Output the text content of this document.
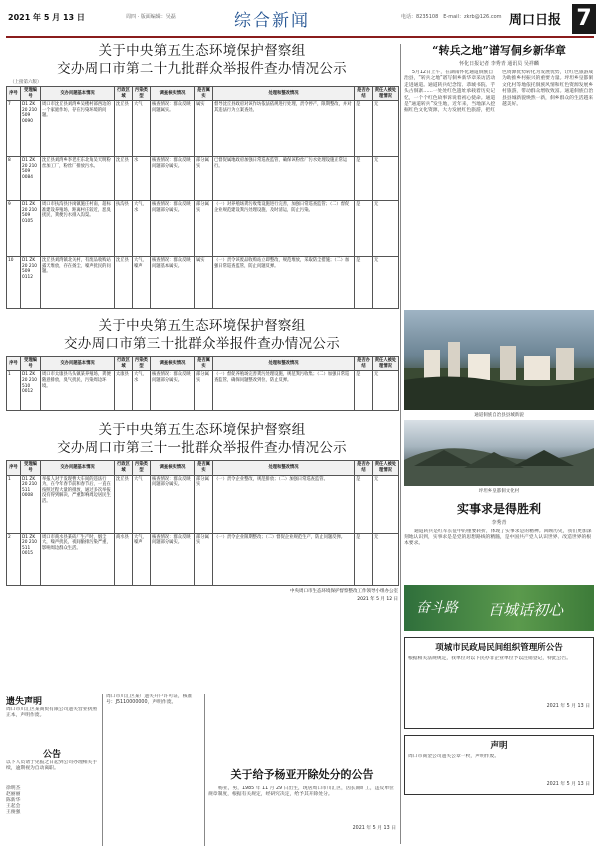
2021 年 5 月 13 日	周四 · 版面编辑：吴磊	综合新闻	电话：8235108　E-mail：zkrb@126.com 周口日报 7
关于中央第五生态环境保护督察组
交办周口市第二十九批群众举报件查办情况公示
（上接第六版）
序号	受理编号	交办问题基本情况	行政区域	污染类型	调查核实情况	是否属实	处理和整改情况	是否办结	责任人被处理情况
7	D1 ZK 20 210 509 0090	周口市沈丘县刘湾乡吴楼村部西边的一个家庭作坊，存在污染环境的问题。	沈丘县	大气	核查情况：群众反映问题属实。	属实	督导沈丘县政府对该作坊依法依规进行处理，责令停产，限期整改，并对其违法行为立案查处。	是	无
8	D1 ZK 20 210 509 0084	沈丘县刘湾乡李老庄东北角吴天明粉丝加工厂，粉丝厂排放污水。	沈丘县	水	核查情况：群众反映问题部分属实。	部分属实	已督促属地政府加强日常巡查监管，确保该粉丝厂污水处理设施正常运行。	是	无
9	D1 ZK 20 210 509 0105	周口市扶沟县汴岗镇施庄村南，超标准建设养殖场，距离村庄较近，恶臭扰民，粪便污水排入沟渠。	扶沟县	大气、水	核查情况：群众反映问题部分属实。	部分属实	（一）对养殖场粪污收集设施进行完善，加强日常巡查监管；（二）督促企业规范建设粪污处理设施，及时清运，防止污染。	是	无
10	D1 ZK 20 210 509 0112	沈丘县刘湾镇北关村，有废品收购站露天堆放，存在扬尘、噪声扰民的问题。	沈丘县	大气、噪声	核查情况：群众反映问题基本属实。	属实	（一）责令该废品收购站立即整改，规范堆放，采取防尘措施；（二）加强日常巡查监管，防止问题反弹。	是	无
关于中央第五生态环境保护督察组
交办周口市第三十批群众举报件查办情况公示
序号	受理编号	交办问题基本情况	行政区域	污染类型	调查核实情况	是否属实	处理和整改情况	是否办结	责任人被处理情况
1	D1 ZK 20 210 510 0012	周口市太康县马头镇某养殖场，粪便随意排放，臭气扰民，污染周边环境。	太康县	大气、水	核查情况：群众反映问题部分属实。	部分属实	（一）督促养殖场完善粪污处理设施，规范粪污收集；（二）加强日常巡查监管，确保问题整改到位，防止反弹。	是	无
关于中央第五生态环境保护督察组
交办周口市第三十一批群众举报件查办情况公示
序号	受理编号	交办问题基本情况	行政区域	污染类型	调查核实情况	是否属实	处理和整改情况	是否办结	责任人被处理情况
1	D1 ZK 20 210 511 0008	举报人对于发现曹大车间的违法行为，在今年春节前和春节后，一直在按照过程大量的排放，通过多次举报没有得到解决，严重影响周边居民生活。	沈丘县	大气	核查情况：群众反映问题部分属实。	部分属实	（一）责令企业整改，规范排放；（二）加强日常巡查监管。	是	无
2	D1 ZK 20 210 511 0015	周口市商水县某砖厂生产时，烟尘大，噪声扰民，夜间偷排污染严重，影响周边群众生活。	商水县	大气、噪声	核查情况：群众反映问题部分属实。	部分属实	（一）责令企业限期整改；（二）督促企业规范生产，防止问题反弹。	是	无
中央周口市生态环境保护督察整改工作领导小组办公室
2021 年 5 月 12 日
“转兵之地”谱写侗乡新华章
怀化日报记者 李秀青 通讯员 吴祥麟
5月12日上午，在湖南怀化通道侗族自治县，“转兵之地”谱写侗乡新华章采访活动走进通道。通道转兵纪念馆、恭城书院、芋头古侗寨……一处处红色遗址承载着历史记忆，一个个红色故事诉说着初心使命。通道是“通道转兵”发生地，近年来，当地深入挖掘红色文化资源，大力发展红色旅游，把红色资源优势转化为发展优势，让红色旅游成为助推乡村振兴的重要力量。坪坦乡皇都侗文化村等地依托侗族风情和红色资源发展乡村旅游，带动群众增收致富。通道侗族自治县县城新貌焕然一新，侗乡群众的生活越来越美好。
通道侗族自治县县城新貌
坪坦乡皇都侗文化村
实事求是得胜利
李秀青
通道转兵是红军长征中的重要转折，体现了实事求是的精神。回顾历史，我们更加深刻地认识到，实事求是是党的思想路线的精髓，是中国共产党人认识世界、改造世界的根本要求。
奋斗路 百城话初心
项城市民政局民间组织管理所公告
根据相关法规规定，我单位对以下民办非企业单位予以注销登记，特此公告。
2021 年 5 月 13 日
声明
周口市商金公司遗失公章一枚，声明作废。
2021 年 5 月 13 日
遗失声明
周口市川汇区某商贸有限公司遗失营业执照正本，声明作废。
公告
以下人员请于见报之日起到公司办理相关手续，逾期视为自动离职。
徐明杰
赵丽丽
陈新华
王起会
王俊强
周口市川汇区某厂遗失开户许可证，核准号：J5110000000，声明作废。
关于给予杨亚开除处分的公告
杨亚，男，1985 年 11 月 29 日出生，现居周口市川汇区，因长期旷工，违反单位规章制度，根据有关规定，经研究决定，给予其开除处分。
2021 年 5 月 13 日
